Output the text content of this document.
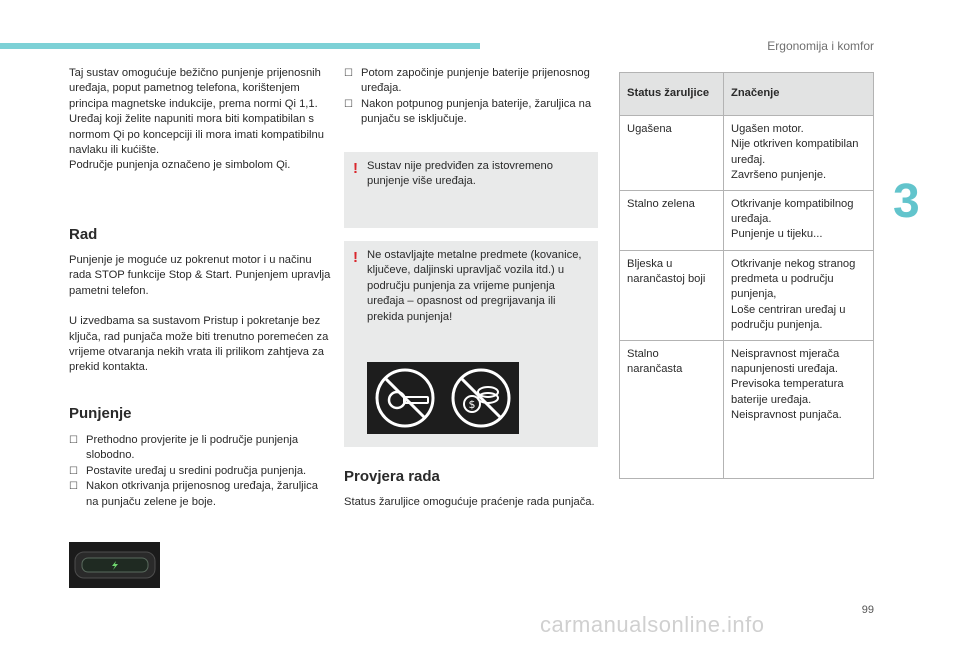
Ergonomija i komfor
3

Taj sustav omogućuje bežično punjenje prijenosnih uređaja, poput pametnog telefona, korištenjem principa magnetske indukcije, prema normi Qi 1,1.

Uređaj koji želite napuniti mora biti kompatibilan s normom Qi po koncepciji ili mora imati kompatibilnu navlaku ili kućište.

Područje punjenja označeno je simbolom Qi.

Rad

Punjenje je moguće uz pokrenut motor i u načinu rada STOP funkcije Stop & Start. Punjenjem upravlja pametni telefon.

U izvedbama sa sustavom Pristup i pokretanje bez ključa, rad punjača može biti trenutno poremećen za vrijeme otvaranja nekih vrata ili prilikom zahtjeva za prekid kontakta.

Punjenje
☐ Prethodno provjerite je li područje punjenja slobodno.
☐ Postavite uređaj u sredini područja punjenja.
☐ Nakon otkrivanja prijenosnog uređaja, žaruljica na punjaču zelene je boje.
☐ Potom započinje punjenje baterije prijenosnog uređaja.
☐ Nakon potpunog punjenja baterije, žaruljica na punjaču se isključuje.
! Sustav nije predviđen za istovremeno punjenje više uređaja.
! Ne ostavljajte metalne predmete (kovanice, ključeve, daljinski upravljač vozila itd.) u području punjenja za vrijeme punjenja uređaja – opasnost od pregrijavanja ili prekida punjenja!
$
Provjera rada

Status žaruljice omogućuje praćenje rada punjača.

Status žaruljice	Značenje
Ugašena	Ugašen motor.
Nije otkriven kompatibilan uređaj.
Završeno punjenje.

Stalno zelena	Otkrivanje kompatibilnog uređaja.
Punjenje u tijeku...

Bljeska u narančastoj boji	Otkrivanje nekog stranog predmeta u području punjenja,
Loše centriran uređaj u području punjenja.

Stalno narančasta	Neispravnost mjerača napunjenosti uređaja.
Previsoka temperatura baterije uređaja.
Neispravnost punjača.
99
carmanualsonline.info
